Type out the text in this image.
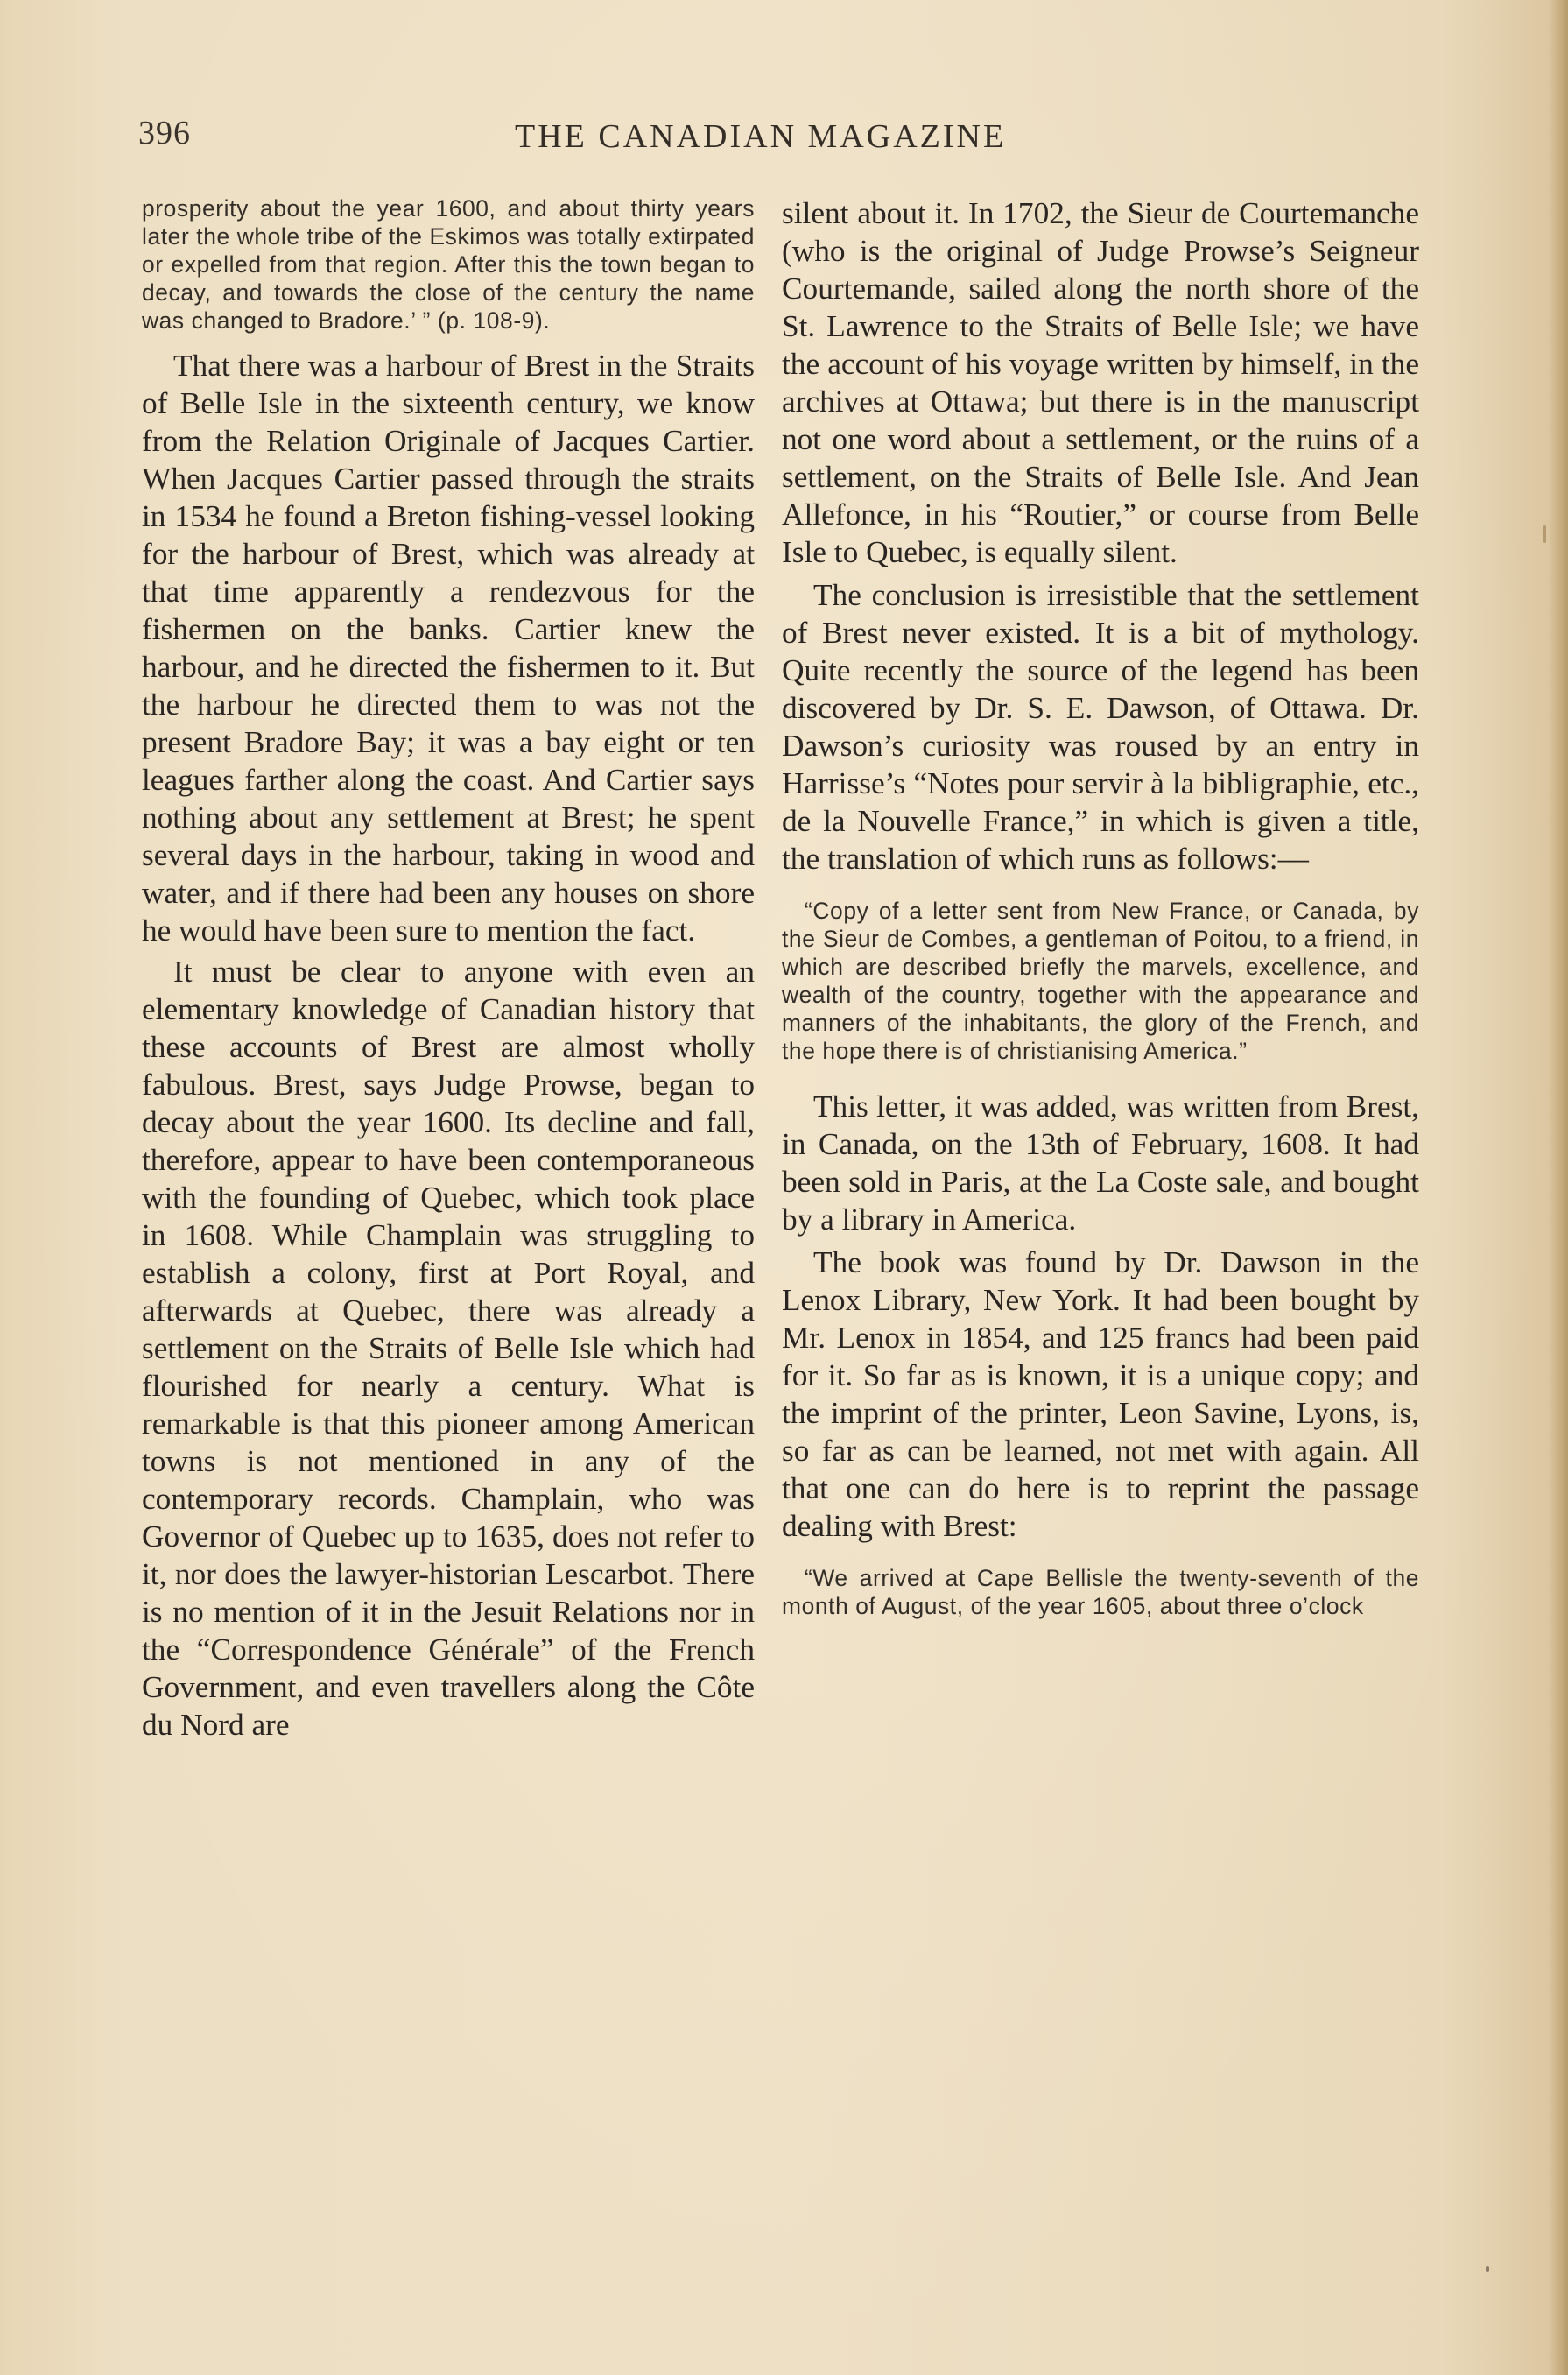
396	THE CANADIAN MAGAZINE

prosperity about the year 1600, and about thirty years later the whole tribe of the Eskimos was totally extirpated or expelled from that region. After this the town began to decay, and towards the close of the century the name was changed to Bradore.’ ” (p. 108-9).

That there was a harbour of Brest in the Straits of Belle Isle in the sixteenth century, we know from the Relation Originale of Jacques Cartier. When Jacques Cartier passed through the straits in 1534 he found a Breton fishing-vessel looking for the harbour of Brest, which was already at that time apparently a rendezvous for the fishermen on the banks. Cartier knew the harbour, and he directed the fishermen to it. But the harbour he directed them to was not the present Bradore Bay; it was a bay eight or ten leagues farther along the coast. And Cartier says nothing about any settlement at Brest; he spent several days in the harbour, taking in wood and water, and if there had been any houses on shore he would have been sure to mention the fact.

It must be clear to anyone with even an elementary knowledge of Canadian history that these accounts of Brest are almost wholly fabulous. Brest, says Judge Prowse, began to decay about the year 1600. Its decline and fall, therefore, appear to have been contemporaneous with the founding of Quebec, which took place in 1608. While Champlain was struggling to establish a colony, first at Port Royal, and afterwards at Quebec, there was already a settlement on the Straits of Belle Isle which had flourished for nearly a century. What is remarkable is that this pioneer among American towns is not mentioned in any of the contemporary records. Champlain, who was Governor of Quebec up to 1635, does not refer to it, nor does the lawyer-historian Lescarbot. There is no mention of it in the Jesuit Relations nor in the “Correspondence Générale” of the French Government, and even travellers along the Côte du Nord are

silent about it. In 1702, the Sieur de Courtemanche (who is the original of Judge Prowse’s Seigneur Courtemande, sailed along the north shore of the St. Lawrence to the Straits of Belle Isle; we have the account of his voyage written by himself, in the archives at Ottawa; but there is in the manuscript not one word about a settlement, or the ruins of a settlement, on the Straits of Belle Isle. And Jean Allefonce, in his “Routier,” or course from Belle Isle to Quebec, is equally silent.

The conclusion is irresistible that the settlement of Brest never existed. It is a bit of mythology. Quite recently the source of the legend has been discovered by Dr. S. E. Dawson, of Ottawa. Dr. Dawson’s curiosity was roused by an entry in Harrisse’s “Notes pour servir à la bibligraphie, etc., de la Nouvelle France,” in which is given a title, the translation of which runs as follows:—

“Copy of a letter sent from New France, or Canada, by the Sieur de Combes, a gentleman of Poitou, to a friend, in which are described briefly the marvels, excellence, and wealth of the country, together with the appearance and manners of the inhabitants, the glory of the French, and the hope there is of christianising America.”

This letter, it was added, was written from Brest, in Canada, on the 13th of February, 1608. It had been sold in Paris, at the La Coste sale, and bought by a library in America.

The book was found by Dr. Dawson in the Lenox Library, New York. It had been bought by Mr. Lenox in 1854, and 125 francs had been paid for it. So far as is known, it is a unique copy; and the imprint of the printer, Leon Savine, Lyons, is, so far as can be learned, not met with again. All that one can do here is to reprint the passage dealing with Brest:

“We arrived at Cape Bellisle the twenty-seventh of the month of August, of the year 1605, about three o’clock
